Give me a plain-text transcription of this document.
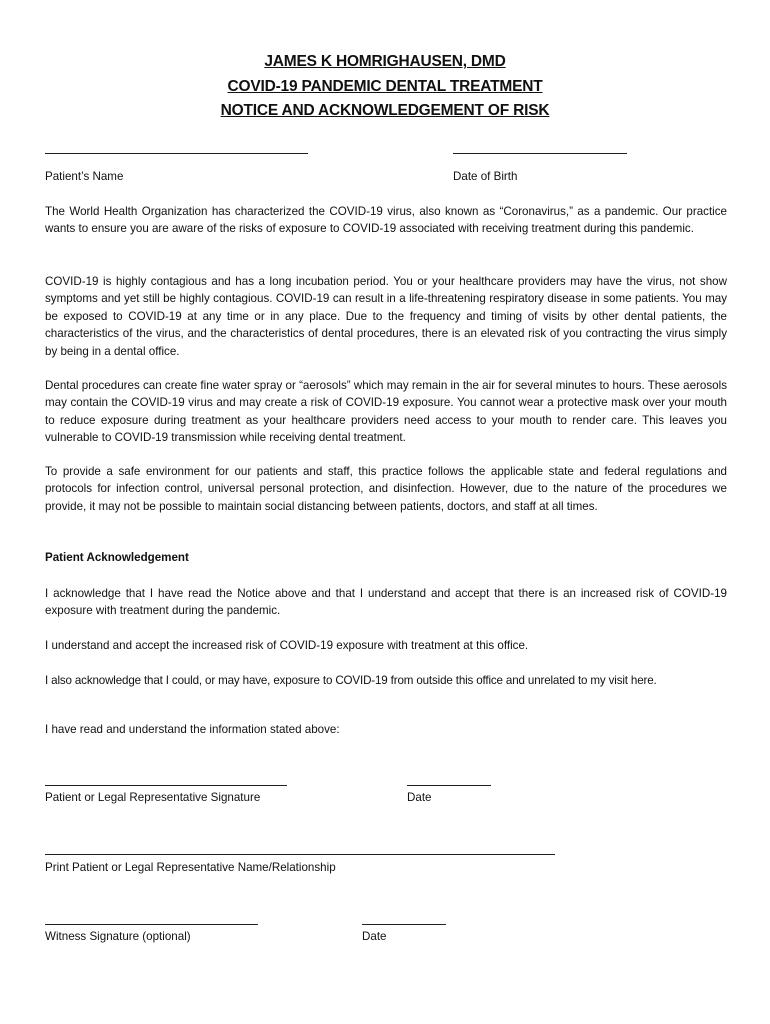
JAMES K HOMRIGHAUSEN, DMD
COVID-19 PANDEMIC DENTAL TREATMENT
NOTICE AND ACKNOWLEDGEMENT OF RISK
Patient’s Name	Date of Birth

The World Health Organization has characterized the COVID-19 virus, also known as “Coronavirus,” as a pandemic. Our practice wants to ensure you are aware of the risks of exposure to COVID-19 associated with receiving treatment during this pandemic.

COVID-19 is highly contagious and has a long incubation period. You or your healthcare providers may have the virus, not show symptoms and yet still be highly contagious. COVID-19 can result in a life-threatening respiratory disease in some patients. You may be exposed to COVID-19 at any time or in any place. Due to the frequency and timing of visits by other dental patients, the characteristics of the virus, and the characteristics of dental procedures, there is an elevated risk of you contracting the virus simply by being in a dental office.

Dental procedures can create fine water spray or “aerosols” which may remain in the air for several minutes to hours. These aerosols may contain the COVID-19 virus and may create a risk of COVID-19 exposure. You cannot wear a protective mask over your mouth to reduce exposure during treatment as your healthcare providers need access to your mouth to render care. This leaves you vulnerable to COVID-19 transmission while receiving dental treatment.

To provide a safe environment for our patients and staff, this practice follows the applicable state and federal regulations and protocols for infection control, universal personal protection, and disinfection. However, due to the nature of the procedures we provide, it may not be possible to maintain social distancing between patients, doctors, and staff at all times.

Patient Acknowledgement

I acknowledge that I have read the Notice above and that I understand and accept that there is an increased risk of COVID-19 exposure with treatment during the pandemic.

I understand and accept the increased risk of COVID-19 exposure with treatment at this office.

I also acknowledge that I could, or may have, exposure to COVID-19 from outside this office and unrelated to my visit here.

I have read and understand the information stated above:
Patient or Legal Representative Signature	Date
Print Patient or Legal Representative Name/Relationship
Witness Signature (optional)	Date
